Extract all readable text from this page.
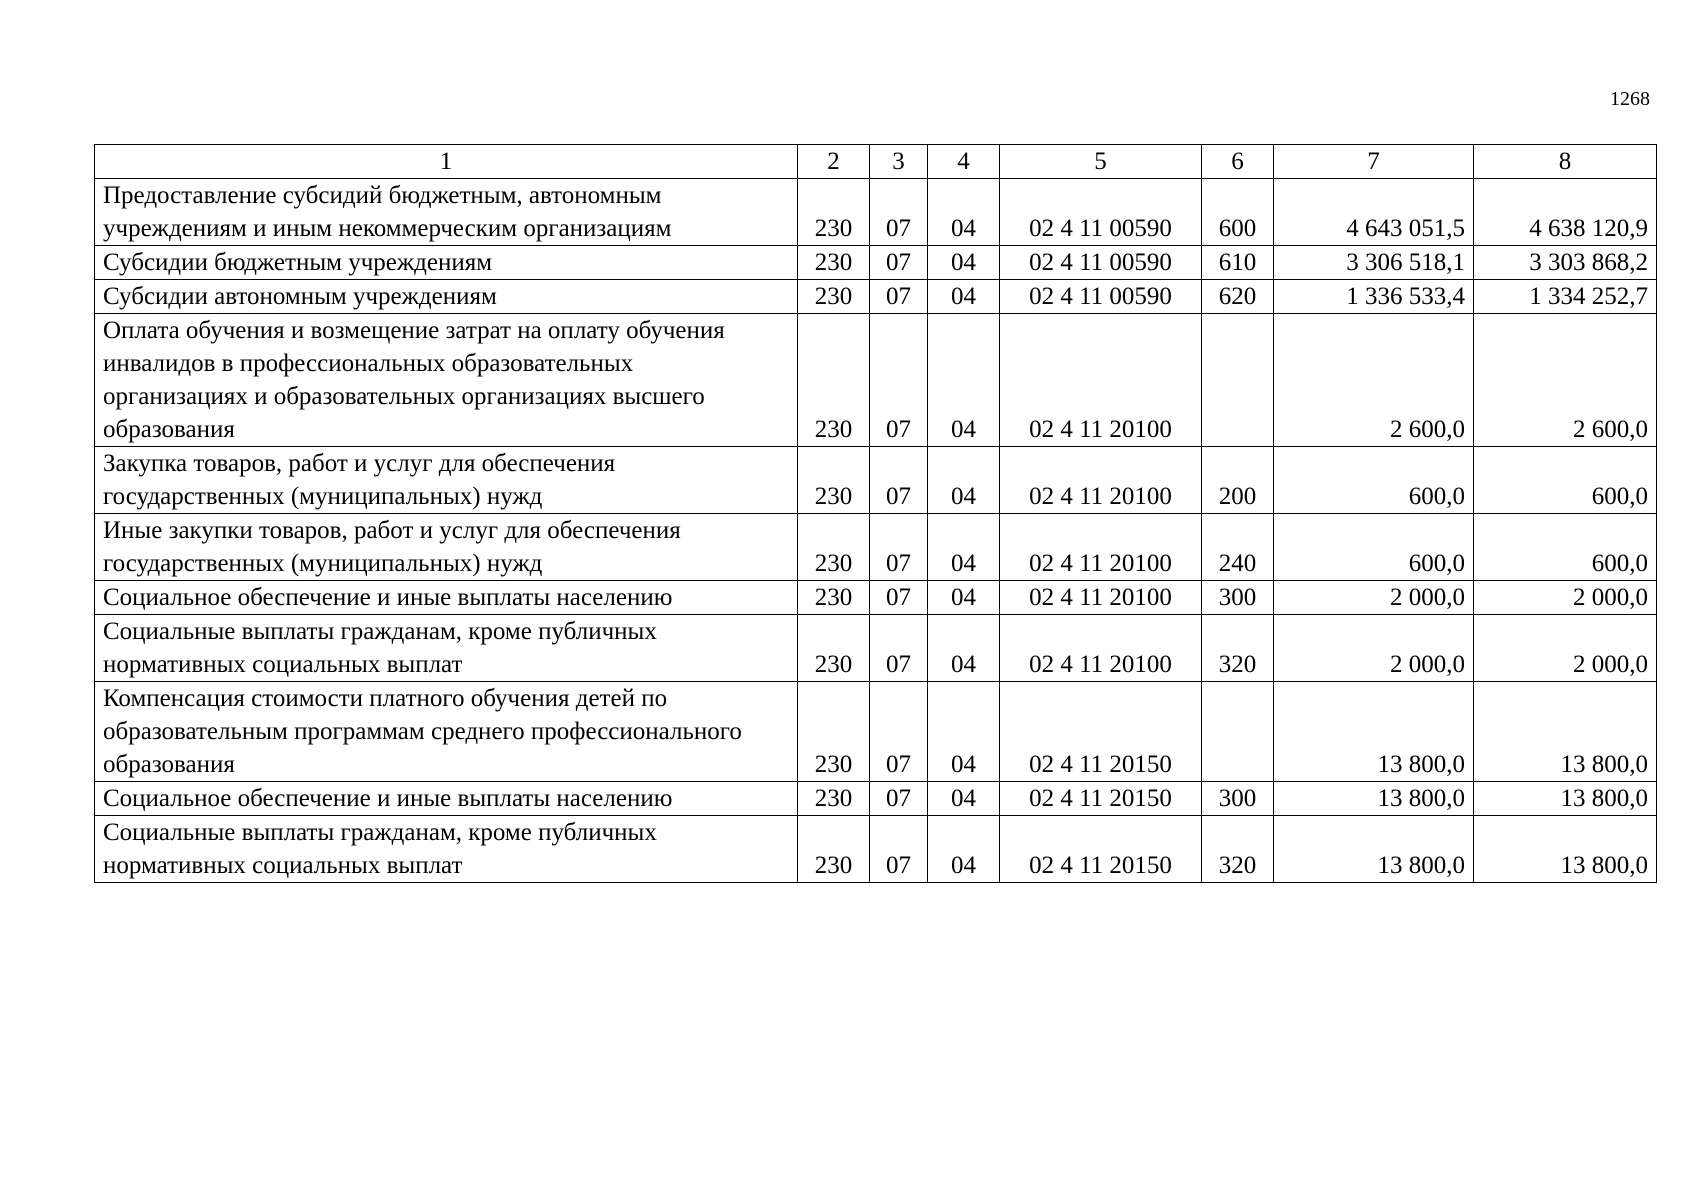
1268
1	2	3	4	5	6	7	8
Предоставление субсидий бюджетным, автономным учреждениям и иным некоммерческим организациям	230	07	04	02 4 11 00590	600	4 643 051,5	4 638 120,9
Субсидии бюджетным учреждениям	230	07	04	02 4 11 00590	610	3 306 518,1	3 303 868,2
Субсидии автономным учреждениям	230	07	04	02 4 11 00590	620	1 336 533,4	1 334 252,7
Оплата обучения и возмещение затрат на оплату обучения инвалидов в профессиональных образовательных организациях и образовательных организациях высшего образования	230	07	04	02 4 11 20100		2 600,0	2 600,0
Закупка товаров, работ и услуг для обеспечения государственных (муниципальных) нужд	230	07	04	02 4 11 20100	200	600,0	600,0
Иные закупки товаров, работ и услуг для обеспечения государственных (муниципальных) нужд	230	07	04	02 4 11 20100	240	600,0	600,0
Социальное обеспечение и иные выплаты населению	230	07	04	02 4 11 20100	300	2 000,0	2 000,0
Социальные выплаты гражданам, кроме публичных нормативных социальных выплат	230	07	04	02 4 11 20100	320	2 000,0	2 000,0
Компенсация стоимости платного обучения детей по образовательным программам среднего профессионального образования	230	07	04	02 4 11 20150		13 800,0	13 800,0
Социальное обеспечение и иные выплаты населению	230	07	04	02 4 11 20150	300	13 800,0	13 800,0
Социальные выплаты гражданам, кроме публичных нормативных социальных выплат	230	07	04	02 4 11 20150	320	13 800,0	13 800,0
